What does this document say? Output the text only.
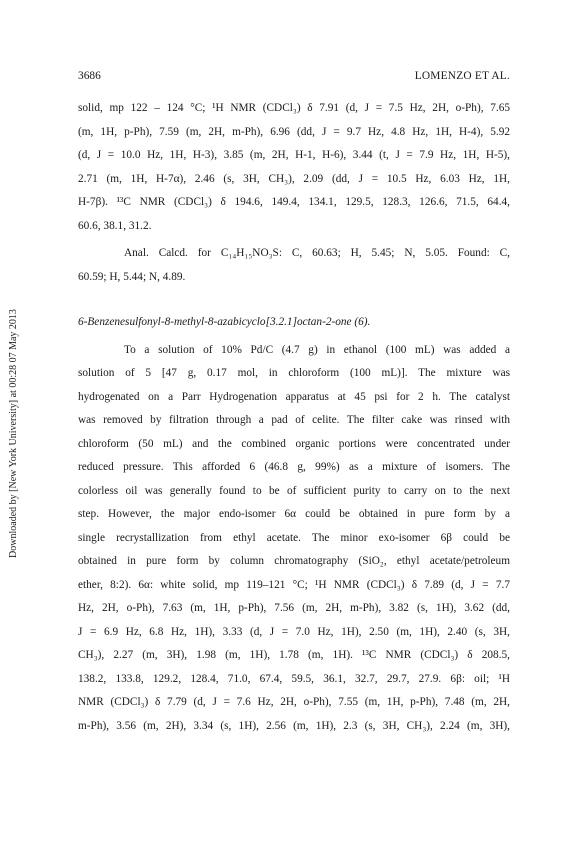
3686	LOMENZO ET AL.
Downloaded by [New York University] at 00:28 07 May 2013
solid, mp 122 – 124 °C; ¹H NMR (CDCl₃) δ 7.91 (d, J = 7.5 Hz, 2H, o-Ph), 7.65
(m, 1H, p-Ph), 7.59 (m, 2H, m-Ph), 6.96 (dd, J = 9.7 Hz, 4.8 Hz, 1H, H-4), 5.92
(d, J = 10.0 Hz, 1H, H-3), 3.85 (m, 2H, H-1, H-6), 3.44 (t, J = 7.9 Hz, 1H, H-5),
2.71 (m, 1H, H-7α), 2.46 (s, 3H, CH₃), 2.09 (dd, J = 10.5 Hz, 6.03 Hz, 1H,
H-7β). ¹³C NMR (CDCl₃) δ 194.6, 149.4, 134.1, 129.5, 128.3, 126.6, 71.5, 64.4,
60.6, 38.1, 31.2.
Anal. Calcd. for C₁₄H₁₅NO₃S: C, 60.63; H, 5.45; N, 5.05. Found: C,
60.59; H, 5.44; N, 4.89.
6-Benzenesulfonyl-8-methyl-8-azabicyclo[3.2.1]octan-2-one (6).
To a solution of 10% Pd/C (4.7 g) in ethanol (100 mL) was added a
solution of 5 [47 g, 0.17 mol, in chloroform (100 mL)]. The mixture was
hydrogenated on a Parr Hydrogenation apparatus at 45 psi for 2 h. The catalyst
was removed by filtration through a pad of celite. The filter cake was rinsed with
chloroform (50 mL) and the combined organic portions were concentrated under
reduced pressure. This afforded 6 (46.8 g, 99%) as a mixture of isomers. The
colorless oil was generally found to be of sufficient purity to carry on to the next
step. However, the major endo-isomer 6α could be obtained in pure form by a
single recrystallization from ethyl acetate. The minor exo-isomer 6β could be
obtained in pure form by column chromatography (SiO₂, ethyl acetate/petroleum
ether, 8:2). 6α: white solid, mp 119–121 °C; ¹H NMR (CDCl₃) δ 7.89 (d, J = 7.7
Hz, 2H, o-Ph), 7.63 (m, 1H, p-Ph), 7.56 (m, 2H, m-Ph), 3.82 (s, 1H), 3.62 (dd,
J = 6.9 Hz, 6.8 Hz, 1H), 3.33 (d, J = 7.0 Hz, 1H), 2.50 (m, 1H), 2.40 (s, 3H,
CH₃), 2.27 (m, 3H), 1.98 (m, 1H), 1.78 (m, 1H). ¹³C NMR (CDCl₃) δ 208.5,
138.2, 133.8, 129.2, 128.4, 71.0, 67.4, 59.5, 36.1, 32.7, 29.7, 27.9. 6β: oil; ¹H
NMR (CDCl₃) δ 7.79 (d, J = 7.6 Hz, 2H, o-Ph), 7.55 (m, 1H, p-Ph), 7.48 (m, 2H,
m-Ph), 3.56 (m, 2H), 3.34 (s, 1H), 2.56 (m, 1H), 2.3 (s, 3H, CH₃), 2.24 (m, 3H),
